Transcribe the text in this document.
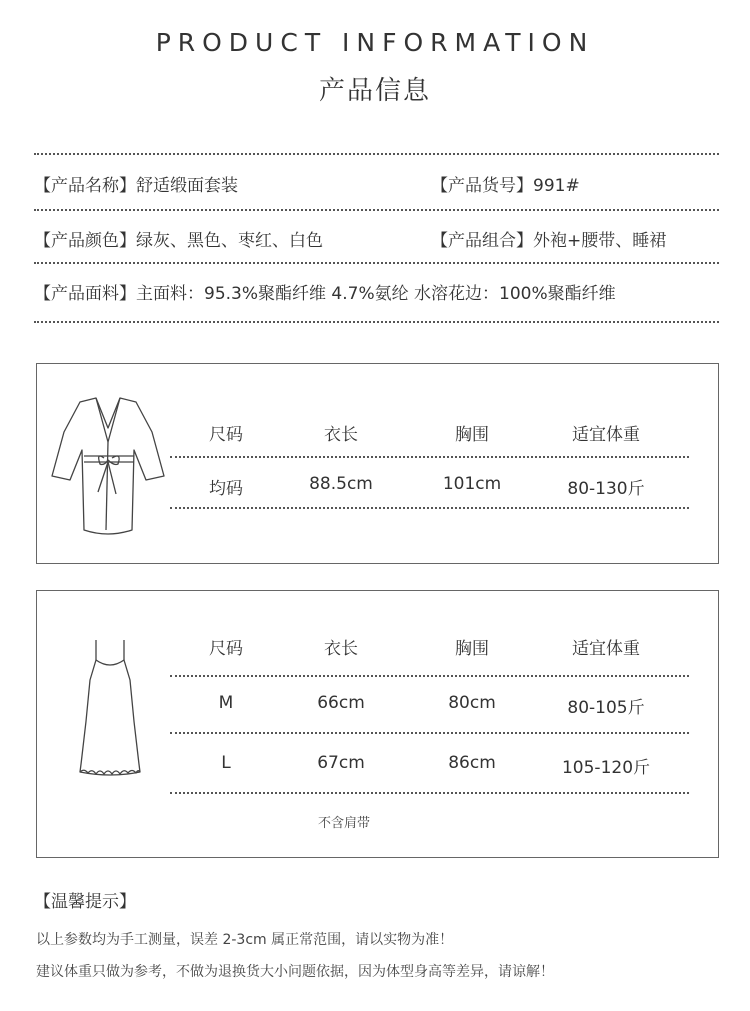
PRODUCT INFORMATION
产品信息
【产品名称】舒适缎面套装	【产品货号】991#
【产品颜色】绿灰、黑色、枣红、白色	【产品组合】外袍+腰带、睡裙
【产品面料】主面料：95.3%聚酯纤维 4.7%氨纶 水溶花边：100%聚酯纤维
尺码	衣长	胸围	适宜体重
均码	88.5cm	101cm	80-130斤
尺码	衣长	胸围	适宜体重
M	66cm	80cm	80-105斤
L	67cm	86cm	105-120斤
不含肩带
【温馨提示】
以上参数均为手工测量，误差 2-3cm 属正常范围，请以实物为准！
建议体重只做为参考，不做为退换货大小问题依据，因为体型身高等差异，请谅解！
